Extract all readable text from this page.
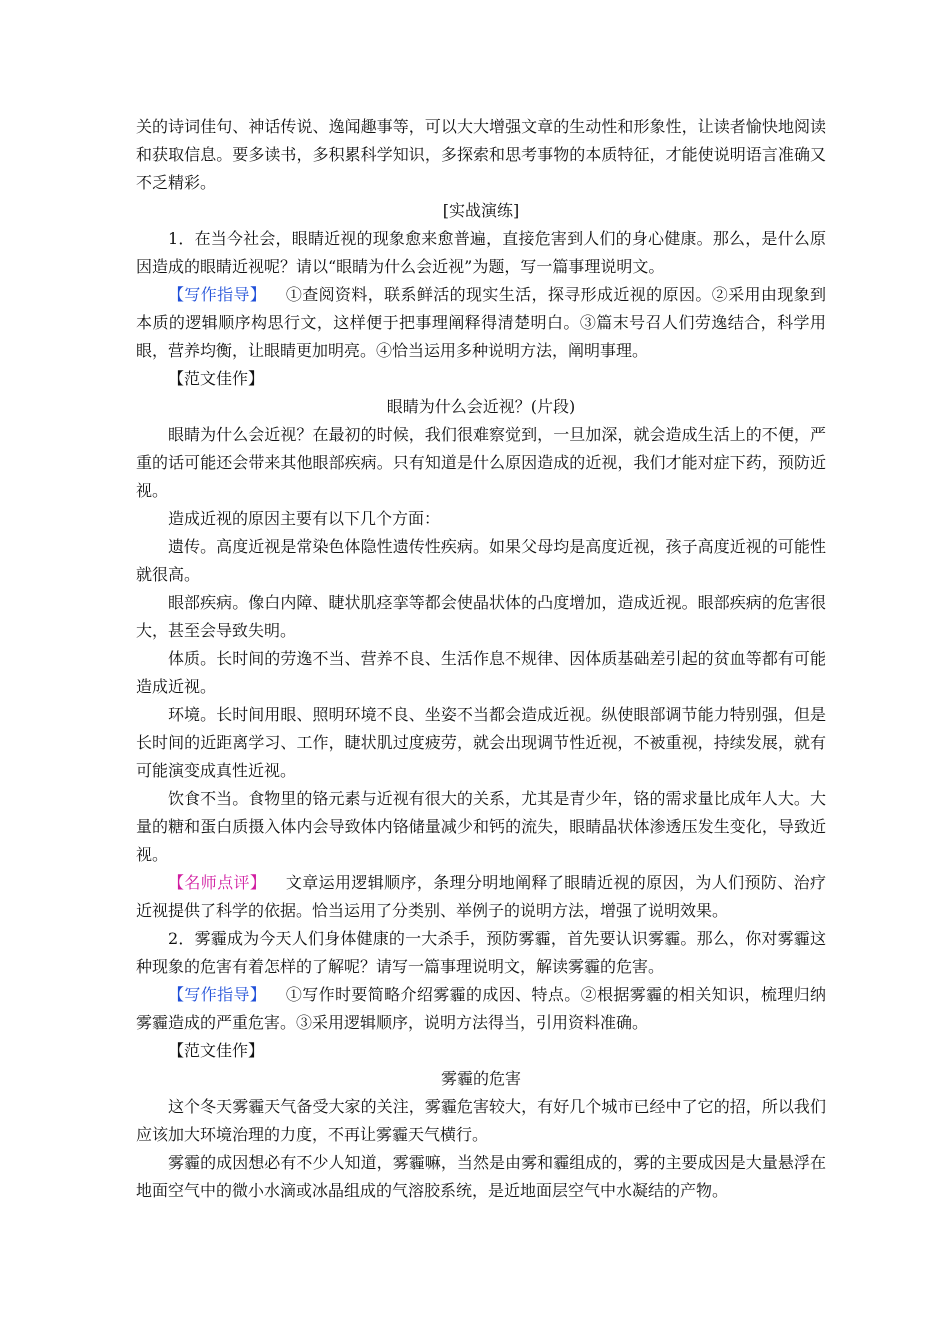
关的诗词佳句、神话传说、逸闻趣事等，可以大大增强文章的生动性和形象性，让读者愉快地阅读和获取信息。要多读书，多积累科学知识，多探索和思考事物的本质特征，才能使说明语言准确又不乏精彩。

[实战演练]

1．在当今社会，眼睛近视的现象愈来愈普遍，直接危害到人们的身心健康。那么，是什么原因造成的眼睛近视呢？请以“眼睛为什么会近视”为题，写一篇事理说明文。

【写作指导】 ①查阅资料，联系鲜活的现实生活，探寻形成近视的原因。②采用由现象到本质的逻辑顺序构思行文，这样便于把事理阐释得清楚明白。③篇末号召人们劳逸结合，科学用眼，营养均衡，让眼睛更加明亮。④恰当运用多种说明方法，阐明事理。

【范文佳作】

眼睛为什么会近视？(片段)

眼睛为什么会近视？在最初的时候，我们很难察觉到，一旦加深，就会造成生活上的不便，严重的话可能还会带来其他眼部疾病。只有知道是什么原因造成的近视，我们才能对症下药，预防近视。

造成近视的原因主要有以下几个方面：

遗传。高度近视是常染色体隐性遗传性疾病。如果父母均是高度近视，孩子高度近视的可能性就很高。

眼部疾病。像白内障、睫状肌痉挛等都会使晶状体的凸度增加，造成近视。眼部疾病的危害很大，甚至会导致失明。

体质。长时间的劳逸不当、营养不良、生活作息不规律、因体质基础差引起的贫血等都有可能造成近视。

环境。长时间用眼、照明环境不良、坐姿不当都会造成近视。纵使眼部调节能力特别强，但是长时间的近距离学习、工作，睫状肌过度疲劳，就会出现调节性近视，不被重视，持续发展，就有可能演变成真性近视。

饮食不当。食物里的铬元素与近视有很大的关系，尤其是青少年，铬的需求量比成年人大。大量的糖和蛋白质摄入体内会导致体内铬储量减少和钙的流失，眼睛晶状体渗透压发生变化，导致近视。

【名师点评】 文章运用逻辑顺序，条理分明地阐释了眼睛近视的原因，为人们预防、治疗近视提供了科学的依据。恰当运用了分类别、举例子的说明方法，增强了说明效果。

2．雾霾成为今天人们身体健康的一大杀手，预防雾霾，首先要认识雾霾。那么，你对雾霾这种现象的危害有着怎样的了解呢？请写一篇事理说明文，解读雾霾的危害。

【写作指导】 ①写作时要简略介绍雾霾的成因、特点。②根据雾霾的相关知识，梳理归纳雾霾造成的严重危害。③采用逻辑顺序，说明方法得当，引用资料准确。

【范文佳作】

雾霾的危害

这个冬天雾霾天气备受大家的关注，雾霾危害较大，有好几个城市已经中了它的招，所以我们应该加大环境治理的力度，不再让雾霾天气横行。

雾霾的成因想必有不少人知道，雾霾嘛，当然是由雾和霾组成的，雾的主要成因是大量悬浮在地面空气中的微小水滴或冰晶组成的气溶胶系统，是近地面层空气中水凝结的产物。
